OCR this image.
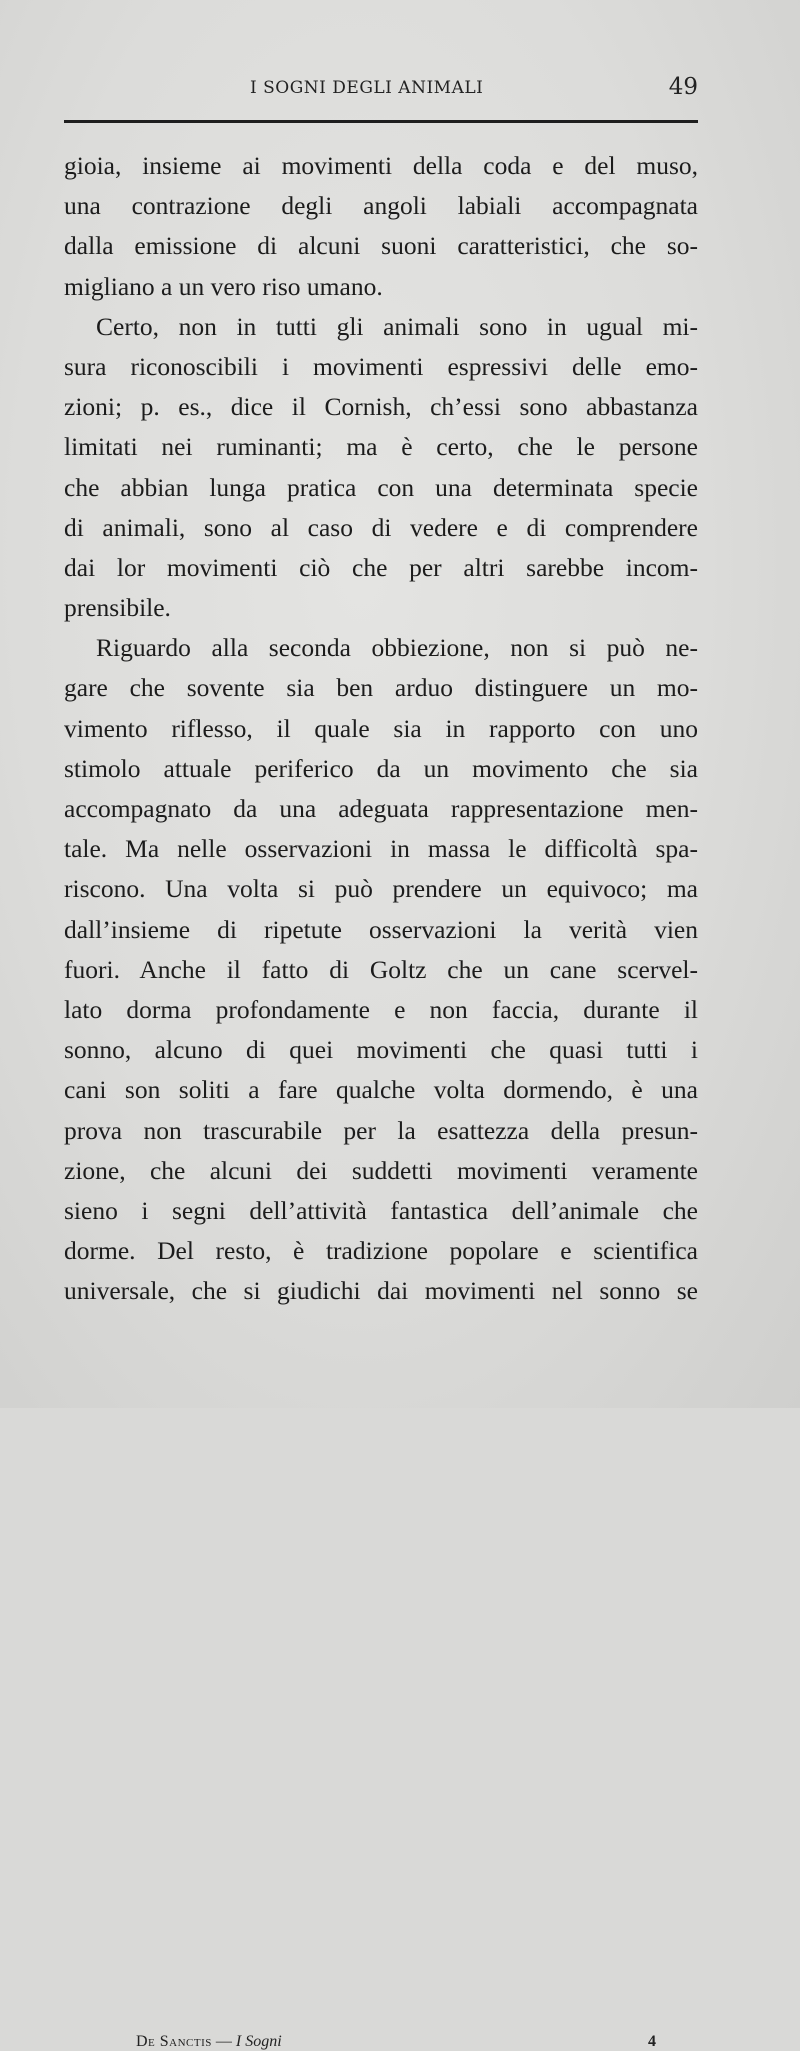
I SOGNI DEGLI ANIMALI	49
gioia, insieme ai movimenti della coda e del muso,
una contrazione degli angoli labiali accompagnata
dalla emissione di alcuni suoni caratteristici, che so-
migliano a un vero riso umano.
Certo, non in tutti gli animali sono in ugual mi-
sura riconoscibili i movimenti espressivi delle emo-
zioni; p. es., dice il Cornish, ch’essi sono abbastanza
limitati nei ruminanti; ma è certo, che le persone
che abbian lunga pratica con una determinata specie
di animali, sono al caso di vedere e di comprendere
dai lor movimenti ciò che per altri sarebbe incom-
prensibile.
Riguardo alla seconda obbiezione, non si può ne-
gare che sovente sia ben arduo distinguere un mo-
vimento riflesso, il quale sia in rapporto con uno
stimolo attuale periferico da un movimento che sia
accompagnato da una adeguata rappresentazione men-
tale. Ma nelle osservazioni in massa le difficoltà spa-
riscono. Una volta si può prendere un equivoco; ma
dall’insieme di ripetute osservazioni la verità vien
fuori. Anche il fatto di Goltz che un cane scervel-
lato dorma profondamente e non faccia, durante il
sonno, alcuno di quei movimenti che quasi tutti i
cani son soliti a fare qualche volta dormendo, è una
prova non trascurabile per la esattezza della presun-
zione, che alcuni dei suddetti movimenti veramente
sieno i segni dell’attività fantastica dell’animale che
dorme. Del resto, è tradizione popolare e scientifica
universale, che si giudichi dai movimenti nel sonno se
De Sanctis — I Sogni	4
